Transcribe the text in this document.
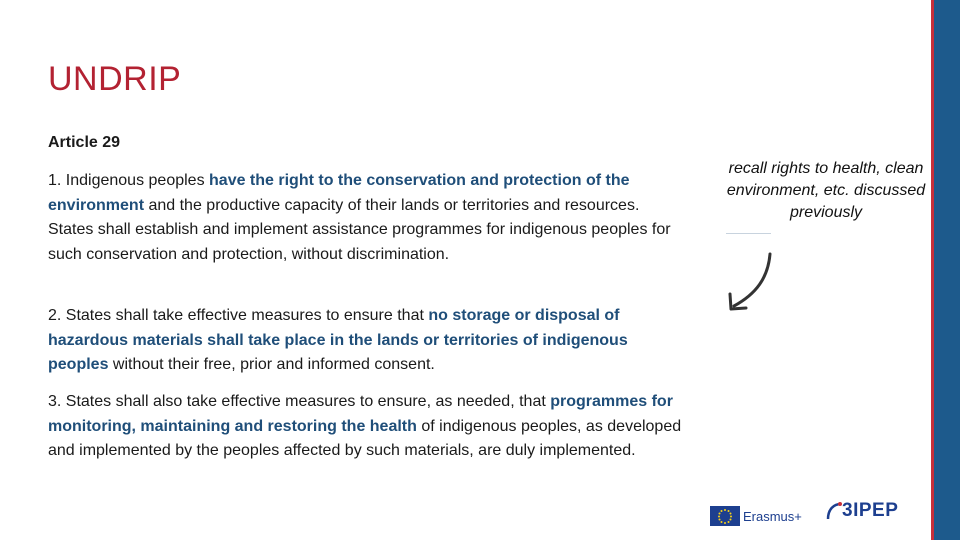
UNDRIP
Article 29

1. Indigenous peoples have the right to the conservation and protection of the environment and the productive capacity of their lands or territories and resources. States shall establish and implement assistance programmes for indigenous peoples for such conservation and protection, without discrimination.

2. States shall take effective measures to ensure that no storage or disposal of hazardous materials shall take place in the lands or territories of indigenous peoples without their free, prior and informed consent.

3. States shall also take effective measures to ensure, as needed, that programmes for monitoring, maintaining and restoring the health of indigenous peoples, as developed and implemented by the peoples affected by such materials, are duly implemented.

recall rights to health, clean environment, etc. discussed previously
Erasmus+ 3IPEP
